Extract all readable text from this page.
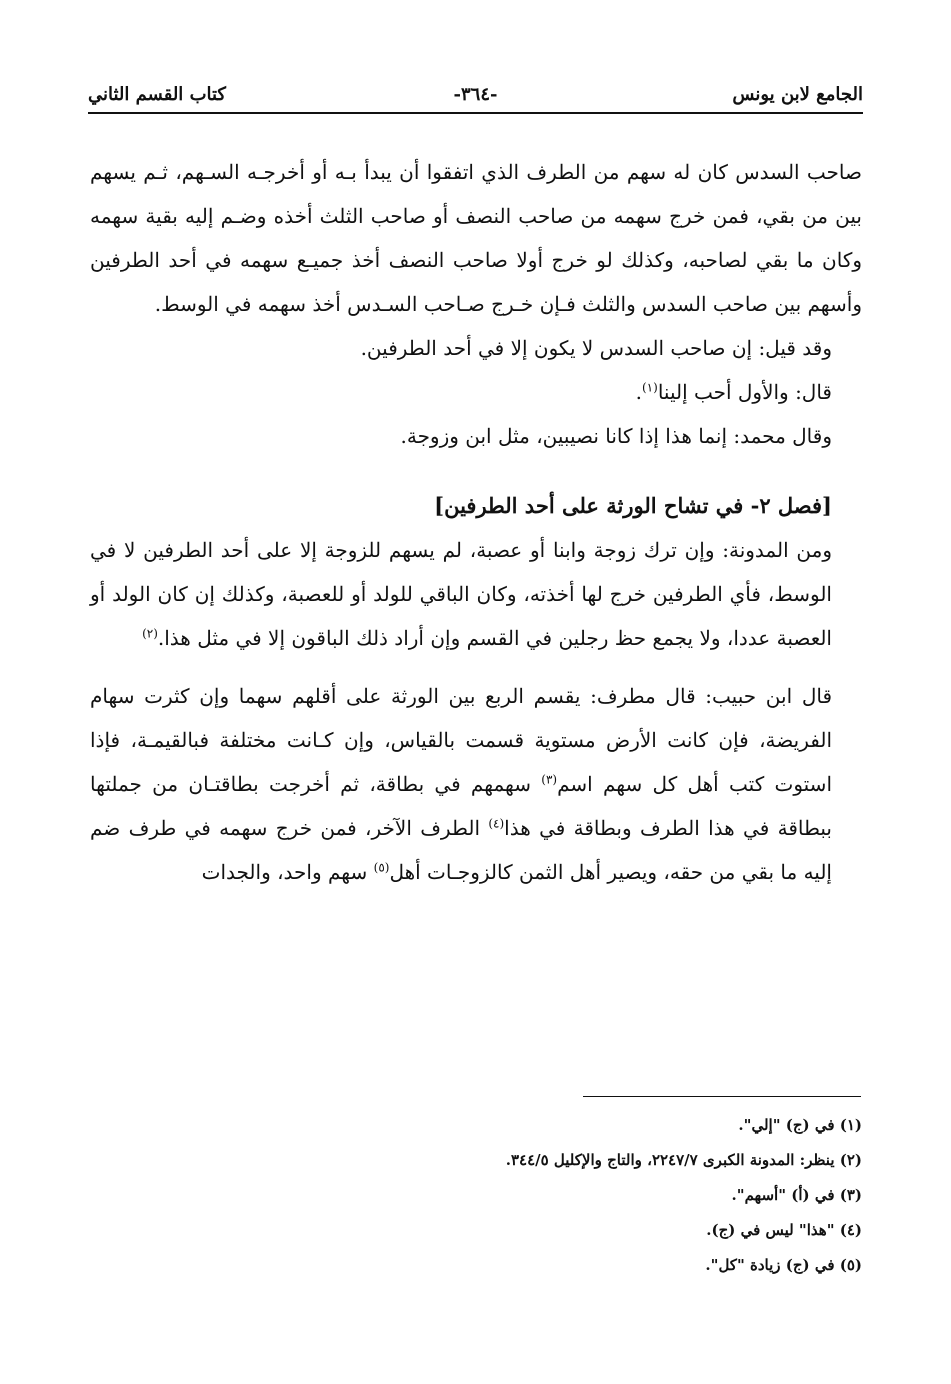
الجامع لابن يونس
-٣٦٤-
كتاب القسم الثاني

صاحب السدس كان له سهم من الطرف الذي اتفقوا أن يبدأ بـه أو أخرجـه السـهم، ثـم يسهم بين من بقي، فمن خرج سهمه من صاحب النصف أو صاحب الثلث أخذه وضـم إليه بقية سهمه وكان ما بقي لصاحبه، وكذلك لو خرج أولا صاحب النصف أخذ جميـع سهمه في أحد الطرفين وأسهم بين صاحب السدس والثلث فـإن خـرج صـاحب السـدس أخذ سهمه في الوسط.

وقد قيل: إن صاحب السدس لا يكون إلا في أحد الطرفين.

قال: والأول أحب إلينا$^{(١)}$.

وقال محمد: إنما هذا إذا كانا نصيبين، مثل ابن وزوجة.

[فصل ٢- في تشاح الورثة على أحد الطرفين]

ومن المدونة: وإن ترك زوجة وابنا أو عصبة، لم يسهم للزوجة إلا على أحد الطرفين لا في الوسط، فأي الطرفين خرج لها أخذته، وكان الباقي للولد أو للعصبة، وكذلك إن كان الولد أو العصبة عددا، ولا يجمع حظ رجلين في القسم وإن أراد ذلك الباقون إلا في مثل هذا.$^{(٢)}$

قال ابن حبيب: قال مطرف: يقسم الربع بين الورثة على أقلهم سهما وإن كثرت سهام الفريضة، فإن كانت الأرض مستوية قسمت بالقياس، وإن كـانت مختلفة فبالقيمـة، فإذا استوت كتب أهل كل سهم اسم$^{(٣)}$ سهمهم في بطاقة، ثم أخرجت بطاقتـان من جملتها ببطاقة في هذا الطرف وبطاقة في هذا$^{(٤)}$ الطرف الآخر، فمن خرج سهمه في طرف ضم إليه ما بقي من حقه، ويصير أهل الثمن كالزوجـات أهل$^{(٥)}$ سهم واحد، والجدات

(١) في (ج) "إلي".
(٢) ينظر: المدونة الكبرى ٢٢٤٧/٧، والتاج والإكليل ٣٤٤/٥.
(٣) في (أ) "أسهم".
(٤) "هذا" ليس في (ج).
(٥) في (ج) زيادة "كل".
